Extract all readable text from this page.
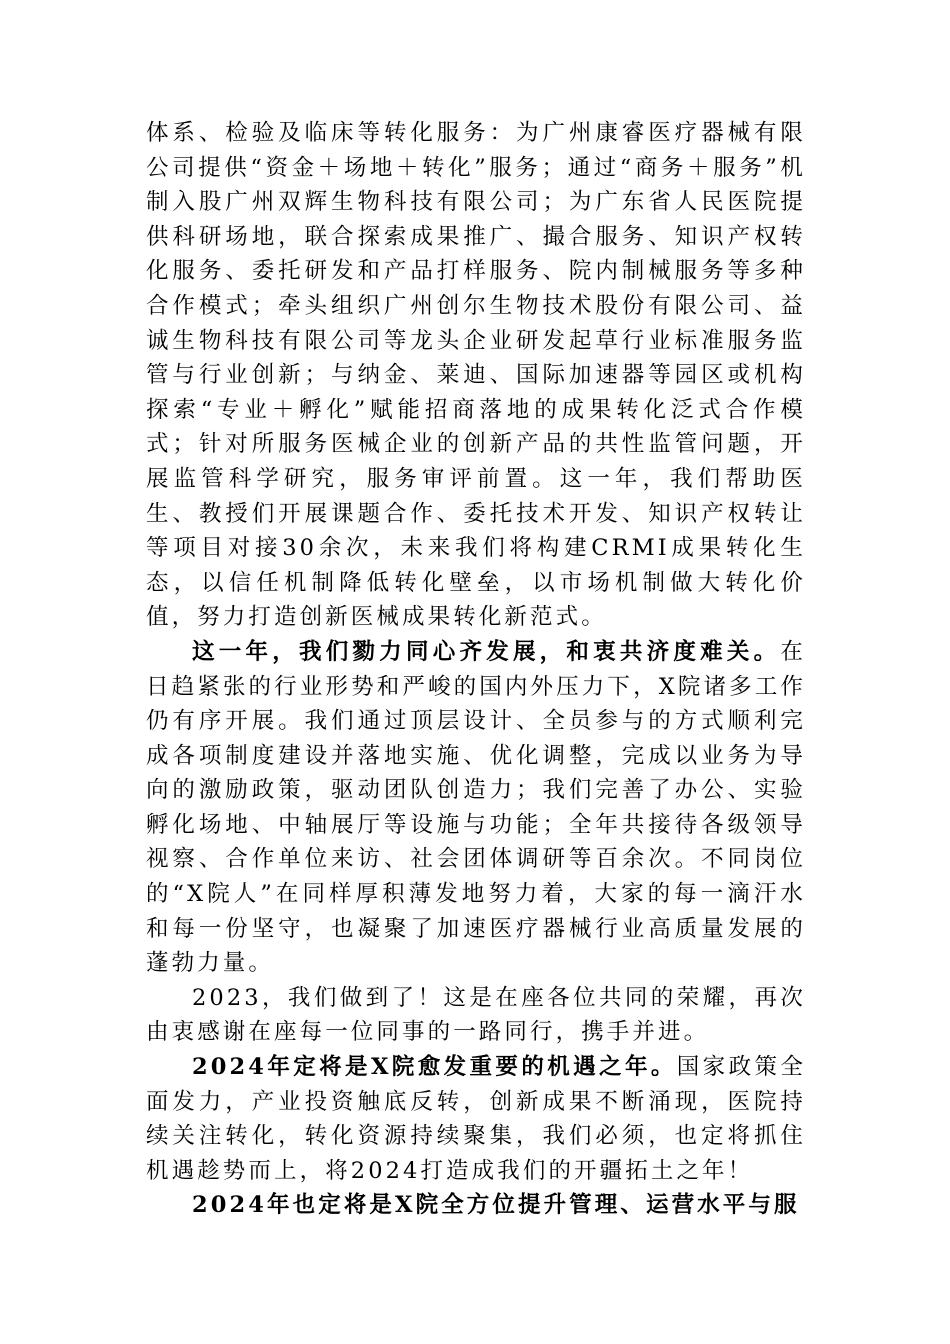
体系、检验及临床等转化服务：为广州康睿医疗器械有限公司提供“资金＋场地＋转化”服务；通过“商务＋服务”机制入股广州双辉生物科技有限公司；为广东省人民医院提供科研场地，联合探索成果推广、撮合服务、知识产权转化服务、委托研发和产品打样服务、院内制械服务等多种合作模式；牵头组织广州创尔生物技术股份有限公司、益诚生物科技有限公司等龙头企业研发起草行业标准服务监管与行业创新；与纳金、莱迪、国际加速器等园区或机构探索“专业＋孵化”赋能招商落地的成果转化泛式合作模式；针对所服务医械企业的创新产品的共性监管问题，开展监管科学研究，服务审评前置。这一年，我们帮助医生、教授们开展课题合作、委托技术开发、知识产权转让等项目对接30余次，未来我们将构建CRMI成果转化生态，以信任机制降低转化壁垒，以市场机制做大转化价值，努力打造创新医械成果转化新范式。

这一年，我们勠力同心齐发展，和衷共济度难关。在日趋紧张的行业形势和严峻的国内外压力下，X院诸多工作仍有序开展。我们通过顶层设计、全员参与的方式顺利完成各项制度建设并落地实施、优化调整，完成以业务为导向的激励政策，驱动团队创造力；我们完善了办公、实验孵化场地、中轴展厅等设施与功能；全年共接待各级领导视察、合作单位来访、社会团体调研等百余次。不同岗位的“X院人”在同样厚积薄发地努力着，大家的每一滴汗水和每一份坚守，也凝聚了加速医疗器械行业高质量发展的蓬勃力量。

2023，我们做到了！这是在座各位共同的荣耀，再次由衷感谢在座每一位同事的一路同行，携手并进。

2024年定将是X院愈发重要的机遇之年。国家政策全面发力，产业投资触底反转，创新成果不断涌现，医院持续关注转化，转化资源持续聚集，我们必须，也定将抓住机遇趁势而上，将2024打造成我们的开疆拓土之年！

2024年也定将是X院全方位提升管理、运营水平与服
